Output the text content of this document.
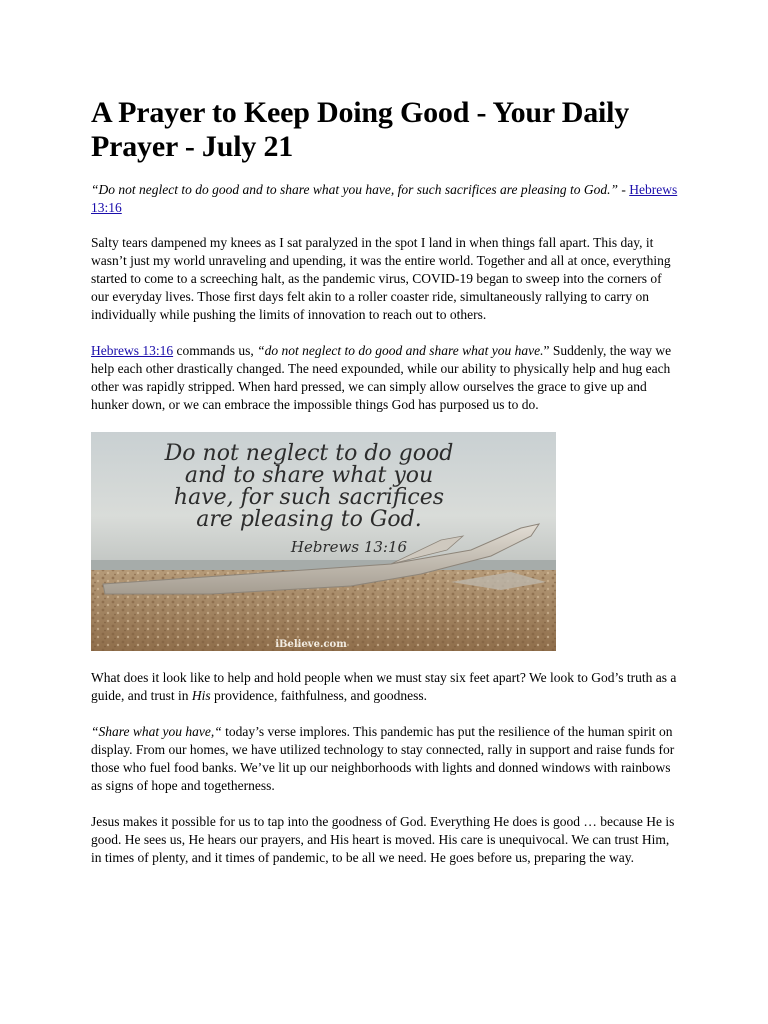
A Prayer to Keep Doing Good - Your Daily Prayer - July 21

“Do not neglect to do good and to share what you have, for such sacrifices are pleasing to God.” - Hebrews 13:16

Salty tears dampened my knees as I sat paralyzed in the spot I land in when things fall apart. This day, it wasn’t just my world unraveling and upending, it was the entire world. Together and all at once, everything started to come to a screeching halt, as the pandemic virus, COVID-19 began to sweep into the corners of our everyday lives. Those first days felt akin to a roller coaster ride, simultaneously rallying to carry on individually while pushing the limits of innovation to reach out to others.

Hebrews 13:16 commands us, “do not neglect to do good and share what you have.” Suddenly, the way we help each other drastically changed. The need expounded, while our ability to physically help and hug each other was rapidly stripped. When hard pressed, we can simply allow ourselves the grace to give up and hunker down, or we can embrace the impossible things God has purposed us to do.

Do not neglect to do good
and to share what you
have, for such sacrifices
are pleasing to God.
Hebrews 13:16
iBelieve.com

What does it look like to help and hold people when we must stay six feet apart? We look to God’s truth as a guide, and trust in His providence, faithfulness, and goodness.

“Share what you have,“ today’s verse implores. This pandemic has put the resilience of the human spirit on display. From our homes, we have utilized technology to stay connected, rally in support and raise funds for those who fuel food banks. We’ve lit up our neighborhoods with lights and donned windows with rainbows as signs of hope and togetherness.

Jesus makes it possible for us to tap into the goodness of God. Everything He does is good … because He is good. He sees us, He hears our prayers, and His heart is moved. His care is unequivocal. We can trust Him, in times of plenty, and it times of pandemic, to be all we need. He goes before us, preparing the way.
